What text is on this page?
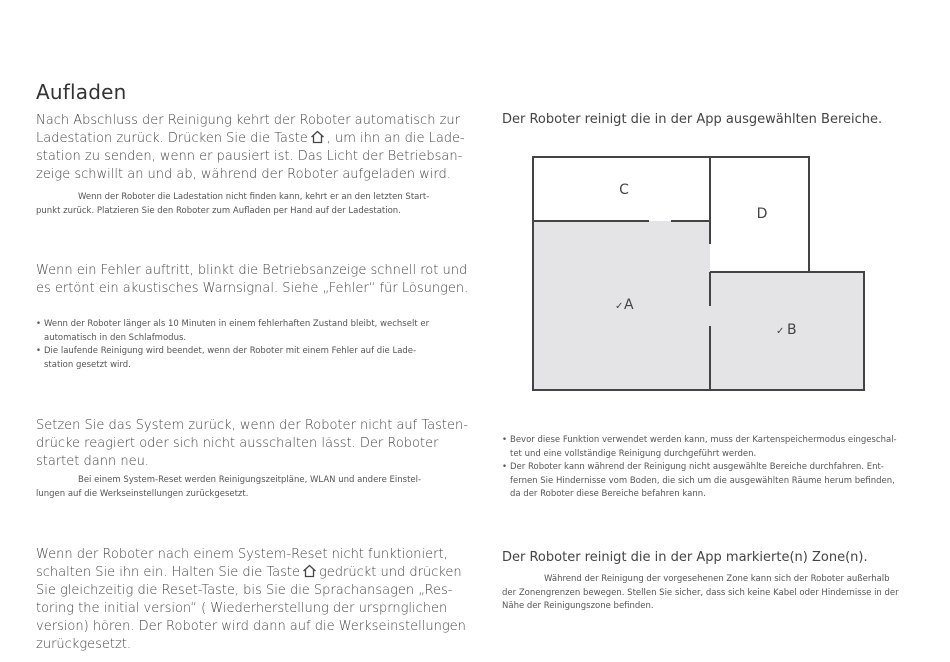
Aufladen
Nach Abschluss der Reinigung kehrt der Roboter automatisch zur
Ladestation zurück. Drücken Sie die Taste , um ihn an die Lade-
station zu senden, wenn er pausiert ist. Das Licht der Betriebsan-
zeige schwillt an und ab, während der Roboter aufgeladen wird.
Wenn der Roboter die Ladestation nicht finden kann, kehrt er an den letzten Start-
punkt zurück. Platzieren Sie den Roboter zum Aufladen per Hand auf der Ladestation.
Wenn ein Fehler auftritt, blinkt die Betriebsanzeige schnell rot und
es ertönt ein akustisches Warnsignal. Siehe „Fehler“ für Lösungen.
• Wenn der Roboter länger als 10 Minuten in einem fehlerhaften Zustand bleibt, wechselt er
automatisch in den Schlafmodus.
• Die laufende Reinigung wird beendet, wenn der Roboter mit einem Fehler auf die Lade-
station gesetzt wird.
Setzen Sie das System zurück, wenn der Roboter nicht auf Tasten-
drücke reagiert oder sich nicht ausschalten lässt. Der Roboter
startet dann neu.
Bei einem System-Reset werden Reinigungszeitpläne, WLAN und andere Einstel-
lungen auf die Werkseinstellungen zurückgesetzt.
Wenn der Roboter nach einem System-Reset nicht funktioniert,
schalten Sie ihn ein. Halten Sie die Taste gedrückt und drücken
Sie gleichzeitig die Reset-Taste, bis Sie die Sprachansagen „Res-
toring the initial version“ ( Wiederherstellung der ursprnglichen
version) hören. Der Roboter wird dann auf die Werkseinstellungen
zurückgesetzt.

Der Roboter reinigt die in der App ausgewählten Bereiche.

C
D
✓ A
✓ B
• Bevor diese Funktion verwendet werden kann, muss der Kartenspeichermodus eingeschal-
tet und eine vollständige Reinigung durchgeführt werden.
• Der Roboter kann während der Reinigung nicht ausgewählte Bereiche durchfahren. Ent-
fernen Sie Hindernisse vom Boden, die sich um die ausgewählten Räume herum befinden,
da der Roboter diese Bereiche befahren kann.

Der Roboter reinigt die in der App markierte(n) Zone(n).

Während der Reinigung der vorgesehenen Zone kann sich der Roboter außerhalb
der Zonengrenzen bewegen. Stellen Sie sicher, dass sich keine Kabel oder Hindernisse in der
Nähe der Reinigungszone befinden.
